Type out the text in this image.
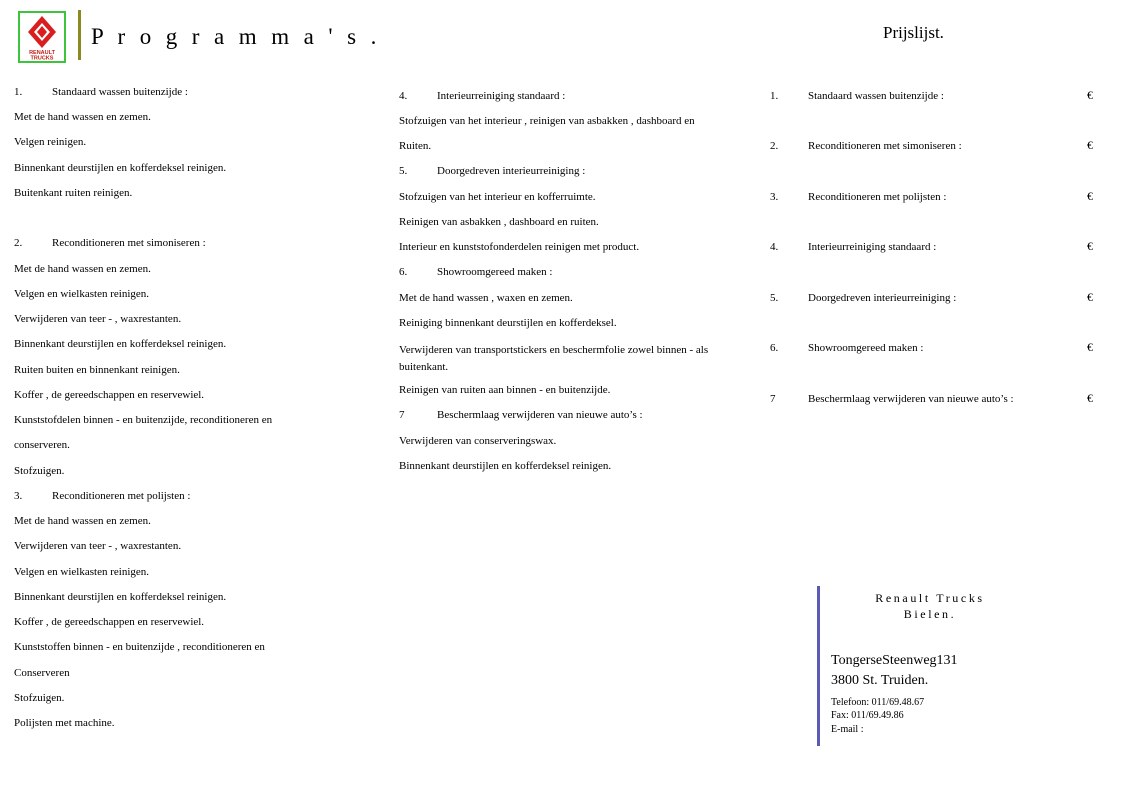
RENAULT
TRUCKS
P r o g r a m m a ' s .	Prijslijst.
1.	Standaard wassen buitenzijde :
Met de hand wassen en zemen.
Velgen reinigen.
Binnenkant deurstijlen en kofferdeksel reinigen.
Buitenkant ruiten reinigen.
2.	Reconditioneren met simoniseren :
Met de hand wassen en zemen.
Velgen en wielkasten reinigen.
Verwijderen van teer - , waxrestanten.
Binnenkant deurstijlen en kofferdeksel reinigen.
Ruiten buiten en binnenkant reinigen.
Koffer , de gereedschappen en reservewiel.
Kunststofdelen binnen - en buitenzijde, reconditioneren en
conserveren.
Stofzuigen.
3.	Reconditioneren met polijsten :
Met de hand wassen en zemen.
Verwijderen van teer - , waxrestanten.
Velgen en wielkasten reinigen.
Binnenkant deurstijlen en kofferdeksel reinigen.
Koffer , de gereedschappen en reservewiel.
Kunststoffen binnen - en buitenzijde , reconditioneren en
Conserveren
Stofzuigen.
Polijsten met machine.
4.	Interieurreiniging standaard :
Stofzuigen van het interieur , reinigen van asbakken , dashboard en
Ruiten.
5.	Doorgedreven interieurreiniging :
Stofzuigen van het interieur en kofferruimte.
Reinigen van asbakken , dashboard en ruiten.
Interieur en kunststofonderdelen reinigen met product.
6.	Showroomgereed maken :
Met de hand wassen , waxen en zemen.
Reiniging binnenkant deurstijlen en kofferdeksel.
Verwijderen van transportstickers en beschermfolie zowel binnen - als buitenkant.
Reinigen van ruiten aan binnen - en buitenzijde.
7	Beschermlaag verwijderen van nieuwe auto’s :
Verwijderen van conserveringswax.
Binnenkant deurstijlen en kofferdeksel reinigen.
1.	Standaard wassen buitenzijde :	€
2.	Reconditioneren met simoniseren :	€
3.	Reconditioneren met polijsten :	€
4.	Interieurreiniging standaard :	€
5.	Doorgedreven interieurreiniging :	€
6.	Showroomgereed maken :	€
7	Beschermlaag verwijderen van nieuwe auto’s :	€
Renault Trucks
Bielen.
TongerseSteenweg131
3800 St. Truiden.
Telefoon: 011/69.48.67
Fax: 011/69.49.86
E-mail :
